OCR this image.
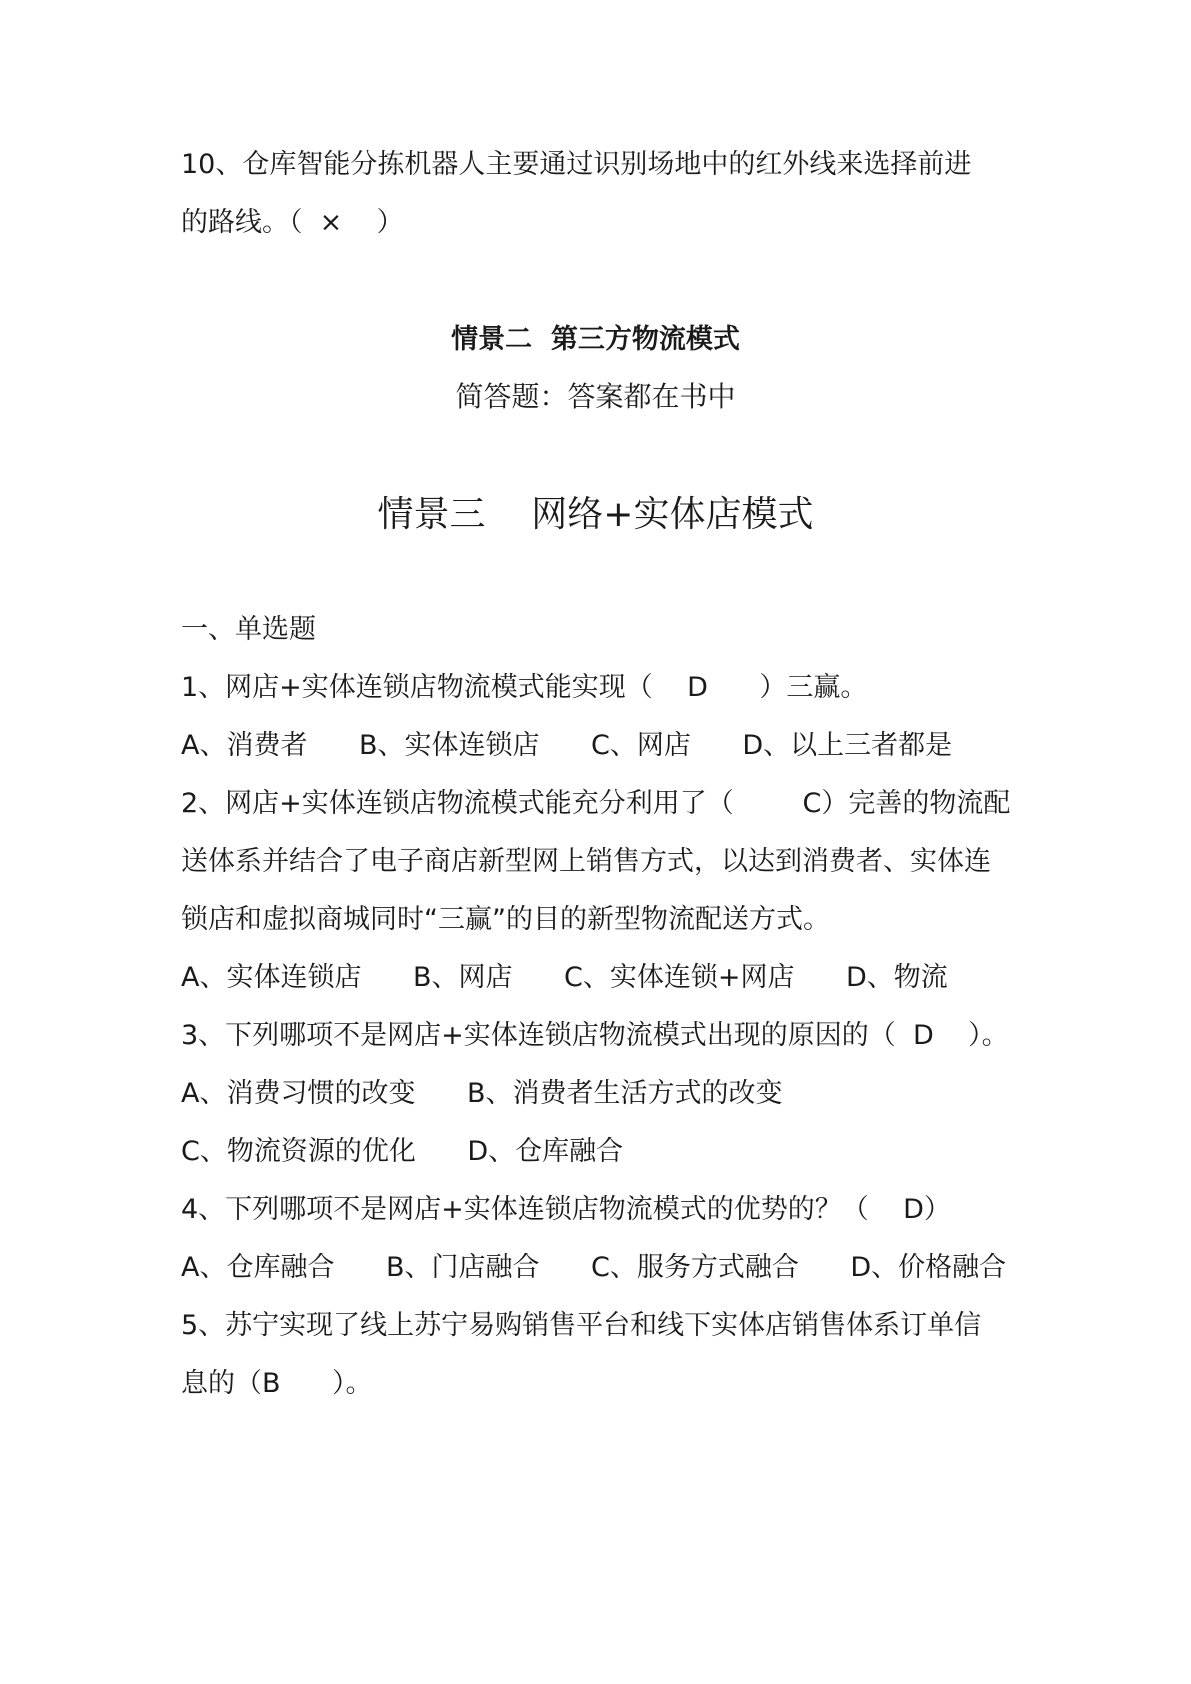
10、仓库智能分拣机器人主要通过识别场地中的红外线来选择前进
的路线。（  ×    ）
情景二  第三方物流模式
简答题：答案都在书中
情景三    网络+实体店模式
一、单选题
1、网店+实体连锁店物流模式能实现（    D      ）三赢。
A、消费者      B、实体连锁店      C、网店      D、以上三者都是
2、网店+实体连锁店物流模式能充分利用了（        C）完善的物流配
送体系并结合了电子商店新型网上销售方式，以达到消费者、实体连
锁店和虚拟商城同时“三赢”的目的新型物流配送方式。
A、实体连锁店      B、网店      C、实体连锁+网店      D、物流
3、下列哪项不是网店+实体连锁店物流模式出现的原因的（  D    ）。
A、消费习惯的改变      B、消费者生活方式的改变
C、物流资源的优化      D、仓库融合
4、下列哪项不是网店+实体连锁店物流模式的优势的？（    D）
A、仓库融合      B、门店融合      C、服务方式融合      D、价格融合
5、苏宁实现了线上苏宁易购销售平台和线下实体店销售体系订单信
息的（B      ）。
